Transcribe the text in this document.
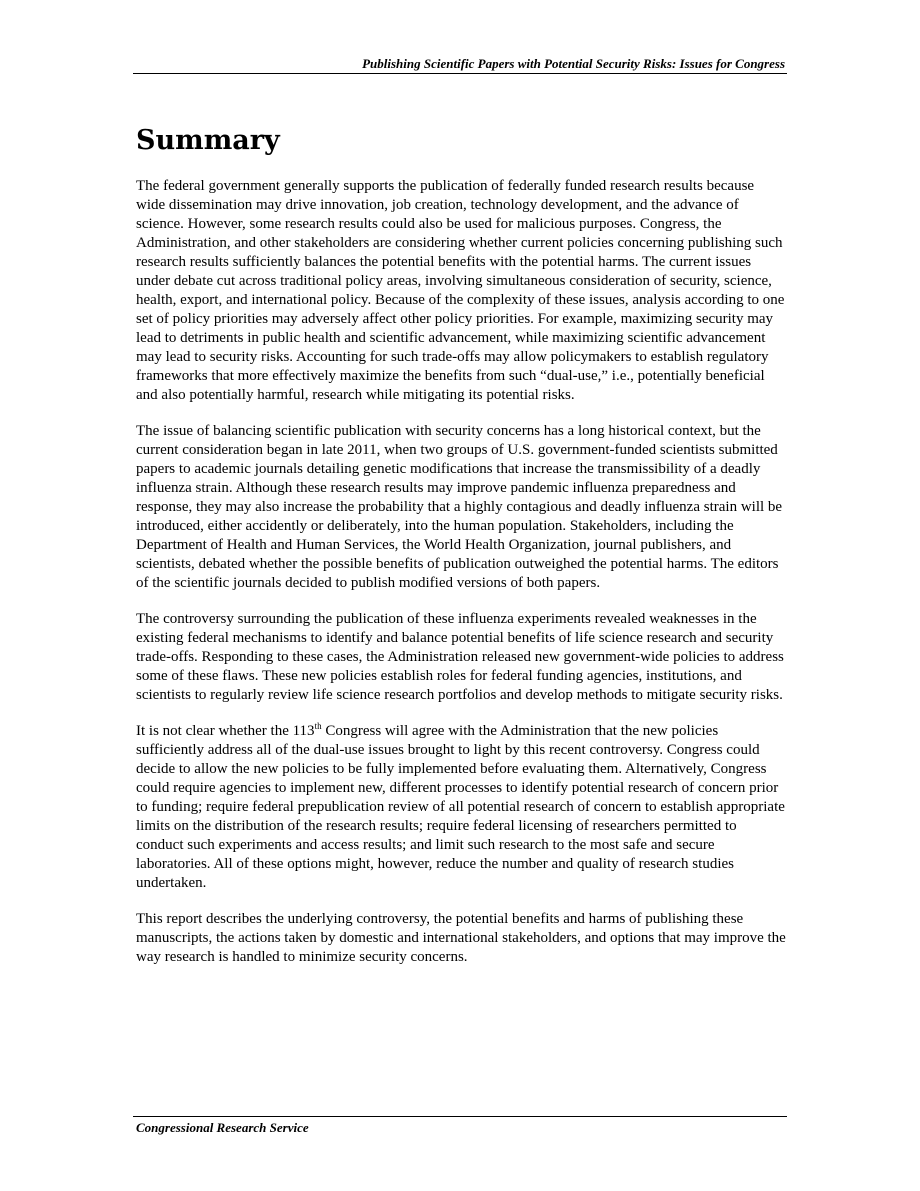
Publishing Scientific Papers with Potential Security Risks: Issues for Congress
Summary

The federal government generally supports the publication of federally funded research results because wide dissemination may drive innovation, job creation, technology development, and the advance of science. However, some research results could also be used for malicious purposes. Congress, the Administration, and other stakeholders are considering whether current policies concerning publishing such research results sufficiently balances the potential benefits with the potential harms. The current issues under debate cut across traditional policy areas, involving simultaneous consideration of security, science, health, export, and international policy. Because of the complexity of these issues, analysis according to one set of policy priorities may adversely affect other policy priorities. For example, maximizing security may lead to detriments in public health and scientific advancement, while maximizing scientific advancement may lead to security risks. Accounting for such trade-offs may allow policymakers to establish regulatory frameworks that more effectively maximize the benefits from such “dual-use,” i.e., potentially beneficial and also potentially harmful, research while mitigating its potential risks.

The issue of balancing scientific publication with security concerns has a long historical context, but the current consideration began in late 2011, when two groups of U.S. government-funded scientists submitted papers to academic journals detailing genetic modifications that increase the transmissibility of a deadly influenza strain. Although these research results may improve pandemic influenza preparedness and response, they may also increase the probability that a highly contagious and deadly influenza strain will be introduced, either accidently or deliberately, into the human population. Stakeholders, including the Department of Health and Human Services, the World Health Organization, journal publishers, and scientists, debated whether the possible benefits of publication outweighed the potential harms. The editors of the scientific journals decided to publish modified versions of both papers.

The controversy surrounding the publication of these influenza experiments revealed weaknesses in the existing federal mechanisms to identify and balance potential benefits of life science research and security trade-offs. Responding to these cases, the Administration released new government-wide policies to address some of these flaws. These new policies establish roles for federal funding agencies, institutions, and scientists to regularly review life science research portfolios and develop methods to mitigate security risks.

It is not clear whether the 113th Congress will agree with the Administration that the new policies sufficiently address all of the dual-use issues brought to light by this recent controversy. Congress could decide to allow the new policies to be fully implemented before evaluating them. Alternatively, Congress could require agencies to implement new, different processes to identify potential research of concern prior to funding; require federal prepublication review of all potential research of concern to establish appropriate limits on the distribution of the research results; require federal licensing of researchers permitted to conduct such experiments and access results; and limit such research to the most safe and secure laboratories. All of these options might, however, reduce the number and quality of research studies undertaken.

This report describes the underlying controversy, the potential benefits and harms of publishing these manuscripts, the actions taken by domestic and international stakeholders, and options that may improve the way research is handled to minimize security concerns.

Congressional Research Service
